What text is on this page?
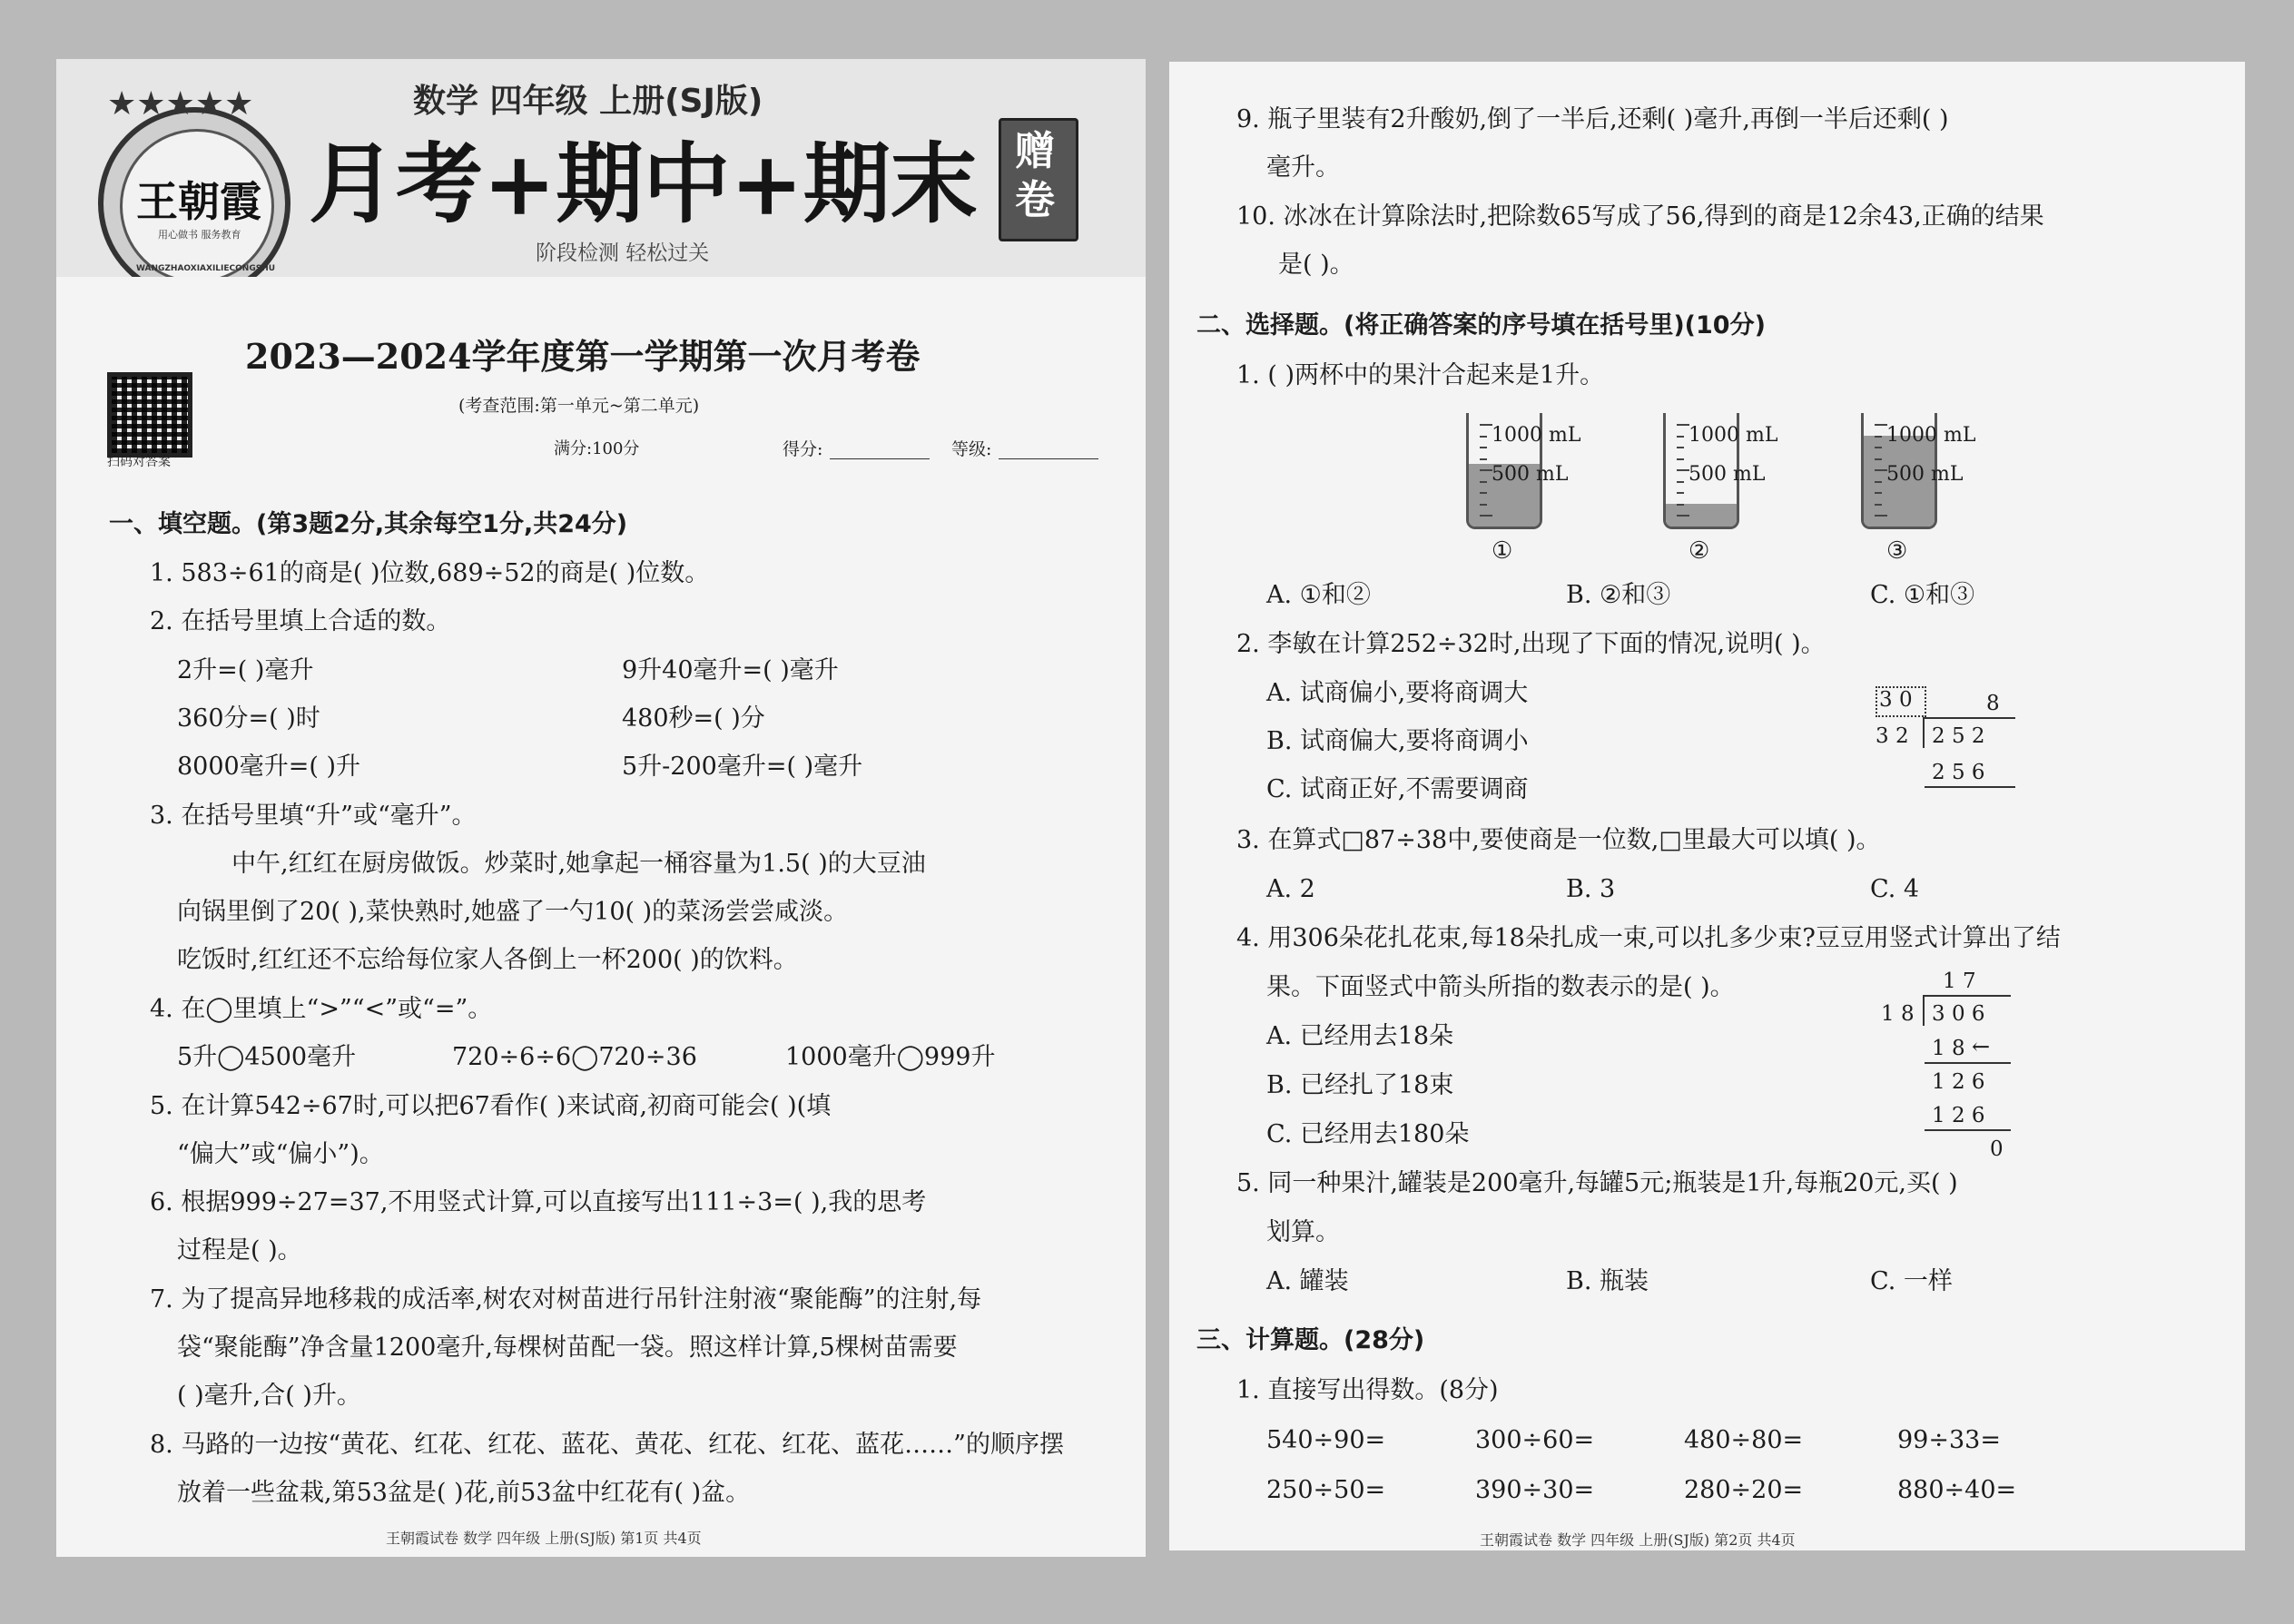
王朝霞
用心做书 服务教育
WANGZHAOXIAXILIECONGSHU
★★★★★	数学 四年级 上册(SJ版)
月考+期中+期末 赠卷
阶段检测 轻松过关
2023—2024学年度第一学期第一次月考卷
(考查范围:第一单元~第二单元)
满分:100分	得分:	等级:
扫码对答案
一、填空题。(第3题2分,其余每空1分,共24分)
1. 583÷61的商是( )位数,689÷52的商是( )位数。
2. 在括号里填上合适的数。
2升=( )毫升	9升40毫升=( )毫升
360分=( )时	480秒=( )分
8000毫升=( )升	5升-200毫升=( )毫升
3. 在括号里填“升”或“毫升”。
中午,红红在厨房做饭。炒菜时,她拿起一桶容量为1.5( )的大豆油
向锅里倒了20( ),菜快熟时,她盛了一勺10( )的菜汤尝尝咸淡。
吃饭时,红红还不忘给每位家人各倒上一杯200( )的饮料。
4. 在◯里填上“>”“<”或“=”。
5升◯4500毫升	720÷6÷6◯720÷36	1000毫升◯999升
5. 在计算542÷67时,可以把67看作( )来试商,初商可能会( )(填
“偏大”或“偏小”)。
6. 根据999÷27=37,不用竖式计算,可以直接写出111÷3=( ),我的思考
过程是( )。
7. 为了提高异地移栽的成活率,树农对树苗进行吊针注射液“聚能酶”的注射,每
袋“聚能酶”净含量1200毫升,每棵树苗配一袋。照这样计算,5棵树苗需要
( )毫升,合( )升。
8. 马路的一边按“黄花、红花、红花、蓝花、黄花、红花、红花、蓝花……”的顺序摆
放着一些盆栽,第53盆是( )花,前53盆中红花有( )盆。
王朝霞试卷 数学 四年级 上册(SJ版) 第1页 共4页
9. 瓶子里装有2升酸奶,倒了一半后,还剩( )毫升,再倒一半后还剩( )
毫升。
10. 冰冰在计算除法时,把除数65写成了56,得到的商是12余43,正确的结果
是( )。
二、选择题。(将正确答案的序号填在括号里)(10分)
1. ( )两杯中的果汁合起来是1升。
1000 mL
500 mL
①
1000 mL
500 mL
②
1000 mL
500 mL
③
A. ①和②	B. ②和③	C. ①和③
2. 李敏在计算252÷32时,出现了下面的情况,说明( )。
A. 试商偏小,要将商调大
B. 试商偏大,要将商调小
C. 试商正好,不需要调商
3 0	8
3 2 2 5 2
2 5 6
3. 在算式□87÷38中,要使商是一位数,□里最大可以填( )。
A. 2	B. 3	C. 4
4. 用306朵花扎花束,每18朵扎成一束,可以扎多少束?豆豆用竖式计算出了结
果。下面竖式中箭头所指的数表示的是( )。
A. 已经用去18朵
B. 已经扎了18束
C. 已经用去180朵
1 7
1 8 3 0 6
1 8 ←
1 2 6
1 2 6
0
5. 同一种果汁,罐装是200毫升,每罐5元;瓶装是1升,每瓶20元,买( )
划算。
A. 罐装	B. 瓶装	C. 一样
三、计算题。(28分)
1. 直接写出得数。(8分)
540÷90=	300÷60=	480÷80=	99÷33=
250÷50=	390÷30=	280÷20=	880÷40=
王朝霞试卷 数学 四年级 上册(SJ版) 第2页 共4页
